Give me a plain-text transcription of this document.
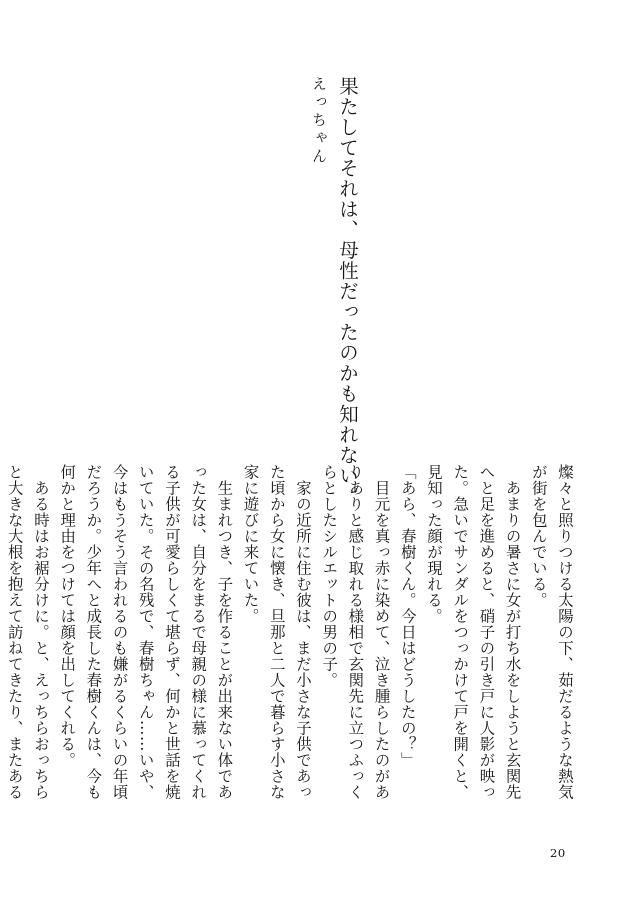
果たしてそれは、母性だったのかも知れない。
えっちゃん

燦々と照りつける太陽の下、茹だるような熱気が街を包んでいる。

　あまりの暑さに女が打ち水をしようと玄関先へと足を進めると、硝子の引き戸に人影が映った。急いでサンダルをつっかけて戸を開くと、見知った顔が現れる。

「あら、春樹くん。今日はどうしたの？」

　目元を真っ赤に染めて、泣き腫らしたのがありありと感じ取れる様相で玄関先に立つふっくらとしたシルエットの男の子。

　家の近所に住む彼は、まだ小さな子供であった頃から女に懐き、旦那と二人で暮らす小さな家に遊びに来ていた。

　生まれつき、子を作ることが出来ない体であった女は、自分をまるで母親の様に慕ってくれる子供が可愛らしくて堪らず、何かと世話を焼いていた。その名残で、春樹ちゃん……いや、今はもうそう言われるのも嫌がるくらいの年頃だろうか。少年へと成長した春樹くんは、今も何かと理由をつけては顔を出してくれる。

　ある時はお裾分けに。と、えっちらおっちらと大きな大根を抱えて訪ねてきたり、またある

20
